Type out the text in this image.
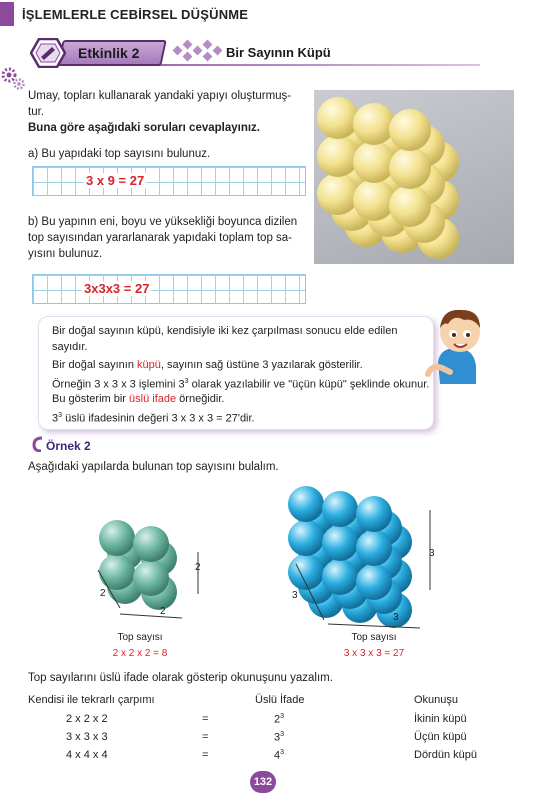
İŞLEMLERLE CEBİRSEL DÜŞÜNME
Etkinlik 2	Bir Sayının Küpü
Umay, topları kullanarak yandaki yapıyı oluşturmuş-
tur.
Buna göre aşağıdaki soruları cevaplayınız.
a) Bu yapıdaki top sayısını bulunuz.
3 x 9 = 27
b) Bu yapının eni, boyu ve yüksekliği boyunca dizilen
top sayısından yararlanarak yapıdaki toplam top sa-
yısını bulunuz.
3x3x3 = 27
Bir doğal sayının küpü, kendisiyle iki kez çarpılması sonucu elde edilen
sayıdır.
Bir doğal sayının küpü, sayının sağ üstüne 3 yazılarak gösterilir.
Örneğin 3 x 3 x 3 işlemini $3^3$ olarak yazılabilir ve "üçün küpü" şeklinde okunur.
Bu gösterim bir üslü ifade örneğidir.
$3^3$ üslü ifadesinin değeri 3 x 3 x 3 = 27'dir.
Örnek 2
Aşağıdaki yapılarda bulunan top sayısını bulalım.
2
2
2
Top sayısı
2 x 2 x 2 = 8
3
3
3
Top sayısı
3 x 3 x 3 = 27
Top sayılarını üslü ifade olarak gösterip okunuşunu yazalım.
Kendisi ile tekrarlı çarpımı	Üslü İfade	Okunuşu
2 x 2 x 2	=	$2^3$	İkinin küpü
3 x 3 x 3	=	$3^3$	Üçün küpü
4 x 4 x 4	=	$4^3$	Dördün küpü
132
